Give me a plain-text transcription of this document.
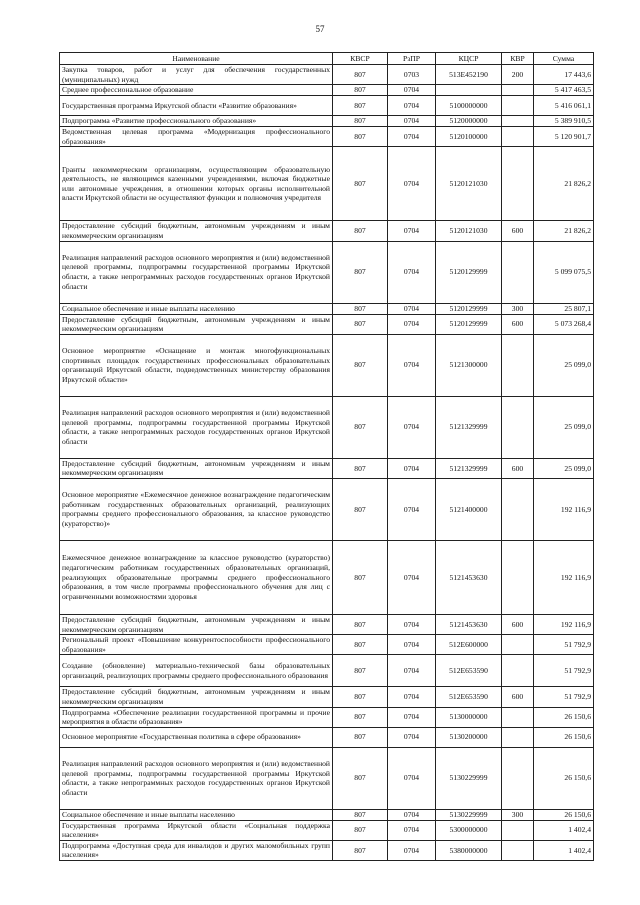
57
Наименование	КВСР	РзПР	КЦСР	КВР	Сумма
Закупка товаров, работ и услуг для обеспечения государственных (муниципальных) нужд	807	0703	513E452190	200	17 443,6
Среднее профессиональное образование	807	0704			5 417 463,5
Государственная программа Иркутской области «Развитие образования»	807	0704	5100000000		5 416 061,1
Подпрограмма «Развитие профессионального образования»	807	0704	5120000000		5 389 910,5
Ведомственная целевая программа «Модернизация профессионального образования»	807	0704	5120100000		5 120 901,7
Гранты некоммерческим организациям, осуществляющим образовательную деятельность, не являющимся казенными учреждениями, включая бюджетные или автономные учреждения, в отношении которых органы исполнительной власти Иркутской области не осуществляют функции и полномочия учредителя	807	0704	5120121030		21 826,2
Предоставление субсидий бюджетным, автономным учреждениям и иным некоммерческим организациям	807	0704	5120121030	600	21 826,2
Реализация направлений расходов основного мероприятия и (или) ведомственной целевой программы, подпрограммы государственной программы Иркутской области, а также непрограммных расходов государственных органов Иркутской области	807	0704	5120129999		5 099 075,5
Социальное обеспечение и иные выплаты населению	807	0704	5120129999	300	25 807,1
Предоставление субсидий бюджетным, автономным учреждениям и иным некоммерческим организациям	807	0704	5120129999	600	5 073 268,4
Основное мероприятие «Оснащение и монтаж многофункциональных спортивных площадок государственных профессиональных образовательных организаций Иркутской области, подведомственных министерству образования Иркутской области»	807	0704	5121300000		25 099,0
Реализация направлений расходов основного мероприятия и (или) ведомственной целевой программы, подпрограммы государственной программы Иркутской области, а также непрограммных расходов государственных органов Иркутской области	807	0704	5121329999		25 099,0
Предоставление субсидий бюджетным, автономным учреждениям и иным некоммерческим организациям	807	0704	5121329999	600	25 099,0
Основное мероприятие «Ежемесячное денежное вознаграждение педагогическим работникам государственных образовательных организаций, реализующих программы среднего профессионального образования, за классное руководство (кураторство)»	807	0704	5121400000		192 116,9
Ежемесячное денежное вознаграждение за классное руководство (кураторство) педагогическим работникам государственных образовательных организаций, реализующих образовательные программы среднего профессионального образования, в том числе программы профессионального обучения для лиц с ограниченными возможностями здоровья	807	0704	5121453630		192 116,9
Предоставление субсидий бюджетным, автономным учреждениям и иным некоммерческим организациям	807	0704	5121453630	600	192 116,9
Региональный проект «Повышение конкурентоспособности профессионального образования»	807	0704	512E600000		51 792,9
Создание (обновление) материально-технической базы образовательных организаций, реализующих программы среднего профессионального образования	807	0704	512E653590		51 792,9
Предоставление субсидий бюджетным, автономным учреждениям и иным некоммерческим организациям	807	0704	512E653590	600	51 792,9
Подпрограмма «Обеспечение реализации государственной программы и прочие мероприятия в области образования»	807	0704	5130000000		26 150,6
Основное мероприятие «Государственная политика в сфере образования»	807	0704	5130200000		26 150,6
Реализация направлений расходов основного мероприятия и (или) ведомственной целевой программы, подпрограммы государственной программы Иркутской области, а также непрограммных расходов государственных органов Иркутской области	807	0704	5130229999		26 150,6
Социальное обеспечение и иные выплаты населению	807	0704	5130229999	300	26 150,6
Государственная программа Иркутской области «Социальная поддержка населения»	807	0704	5300000000		1 402,4
Подпрограмма «Доступная среда для инвалидов и других маломобильных групп населения»	807	0704	5380000000		1 402,4
